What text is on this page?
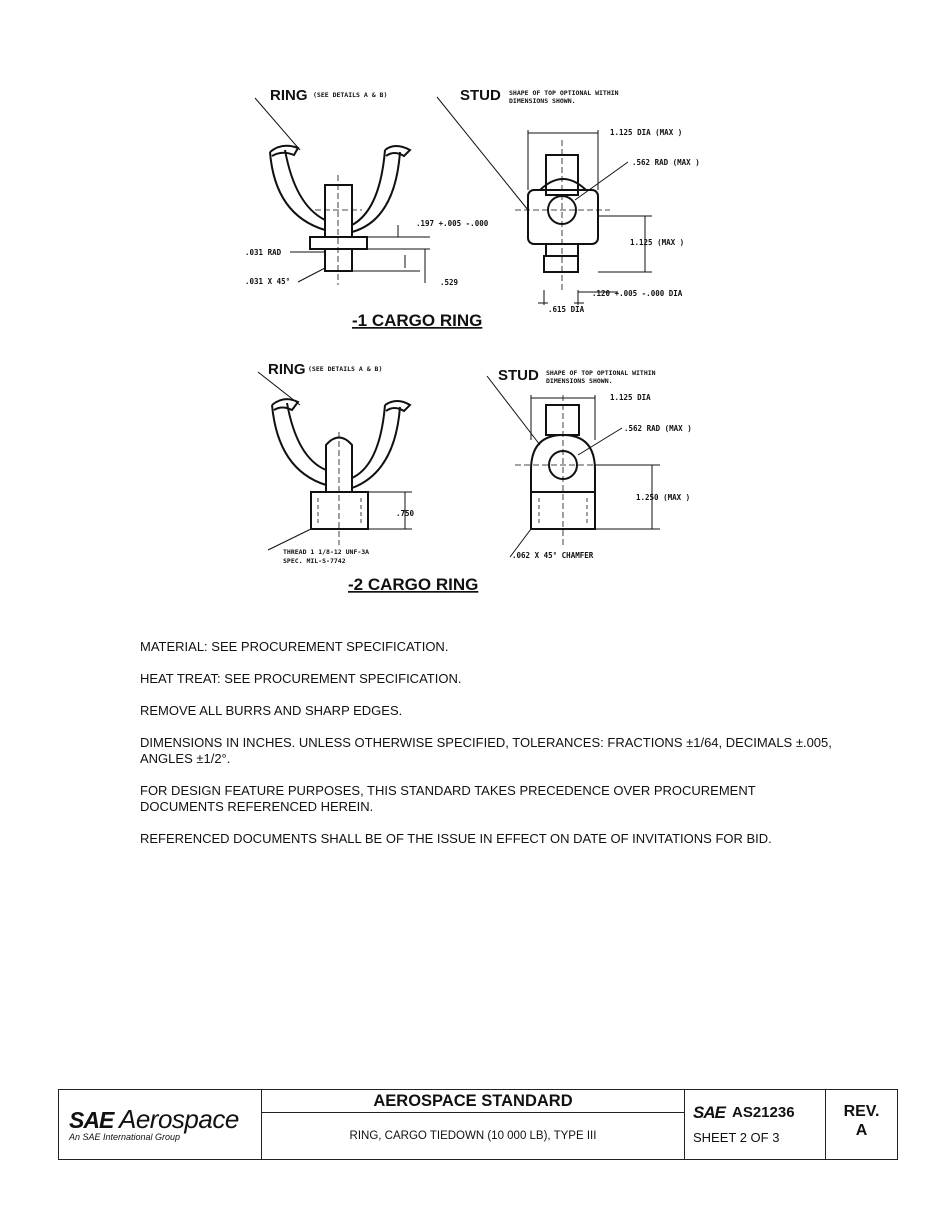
RING (SEE DETAILS A & B)
.197 +.005 -.000
.031 RAD
.031 X 45°	.529
-1 CARGO RING
STUD SHAPE OF TOP OPTIONAL WITHIN
DIMENSIONS SHOWN.
1.125 DIA (MAX )
.562 RAD (MAX )
1.125 (MAX )
.120 +.005 -.000 DIA
.615 DIA
RING (SEE DETAILS A & B)
.750
THREAD 1 1/8-12 UNF-3A
SPEC. MIL-S-7742
-2 CARGO RING
STUD SHAPE OF TOP OPTIONAL WITHIN
DIMENSIONS SHOWN.
1.125 DIA
.562 RAD (MAX )
1.250 (MAX )
.062 X 45° CHAMFER

MATERIAL: SEE PROCUREMENT SPECIFICATION.

HEAT TREAT: SEE PROCUREMENT SPECIFICATION.

REMOVE ALL BURRS AND SHARP EDGES.

DIMENSIONS IN INCHES. UNLESS OTHERWISE SPECIFIED, TOLERANCES: FRACTIONS ±1/64, DECIMALS ±.005, ANGLES ±1/2°.

FOR DESIGN FEATURE PURPOSES, THIS STANDARD TAKES PRECEDENCE OVER PROCUREMENT DOCUMENTS REFERENCED HEREIN.

REFERENCED DOCUMENTS SHALL BE OF THE ISSUE IN EFFECT ON DATE OF INVITATIONS FOR BID.

SAE Aerospace
An SAE International Group
AEROSPACE STANDARD
RING, CARGO TIEDOWN (10 000 LB), TYPE III
SAE AS21236
SHEET 2 OF 3
REV.
A
